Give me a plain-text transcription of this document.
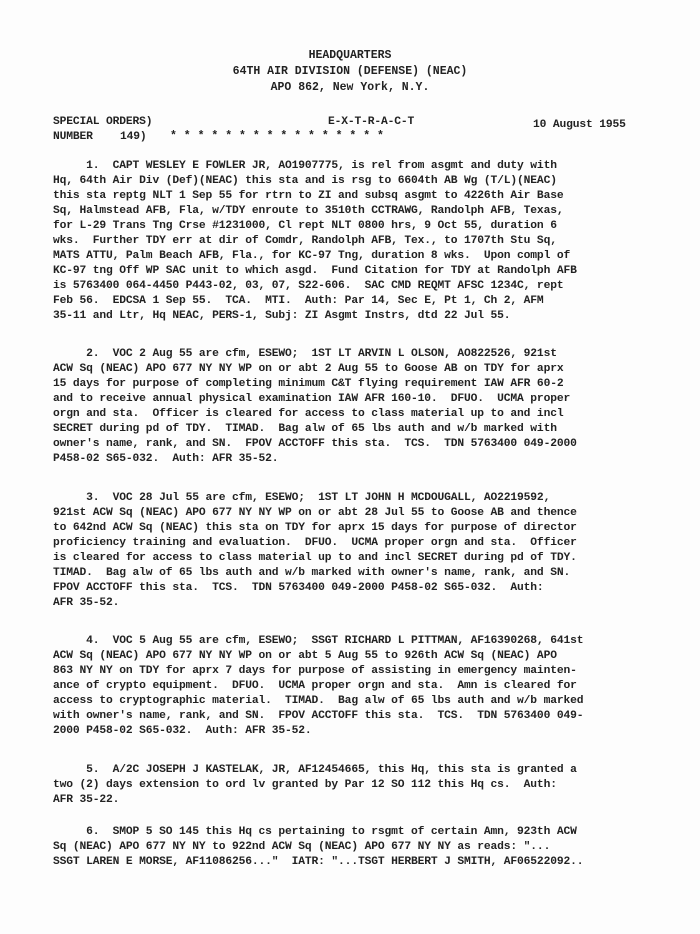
HEADQUARTERS
64TH AIR DIVISION (DEFENSE) (NEAC)
APO 862, New York, N.Y.
SPECIAL ORDERS)	E-X-T-R-A-C-T	10 August 1955
NUMBER 149) * * * * * * * * * * * * * * * *
1.  CAPT WESLEY E FOWLER JR, AO1907775, is rel from asgmt and duty with
Hq, 64th Air Div (Def)(NEAC) this sta and is rsg to 6604th AB Wg (T/L)(NEAC)
this sta reptg NLT 1 Sep 55 for rtrn to ZI and subsq asgmt to 4226th Air Base
Sq, Halmstead AFB, Fla, w/TDY enroute to 3510th CCTRAWG, Randolph AFB, Texas,
for L-29 Trans Tng Crse #1231000, Cl rept NLT 0800 hrs, 9 Oct 55, duration 6
wks.  Further TDY err at dir of Comdr, Randolph AFB, Tex., to 1707th Stu Sq,
MATS ATTU, Palm Beach AFB, Fla., for KC-97 Tng, duration 8 wks.  Upon compl of
KC-97 tng Off WP SAC unit to which asgd.  Fund Citation for TDY at Randolph AFB
is 5763400 064-4450 P443-02, 03, 07, S22-606.  SAC CMD REQMT AFSC 1234C, rept
Feb 56.  EDCSA 1 Sep 55.  TCA.  MTI.  Auth: Par 14, Sec E, Pt 1, Ch 2, AFM
35-11 and Ltr, Hq NEAC, PERS-1, Subj: ZI Asgmt Instrs, dtd 22 Jul 55.
2.  VOC 2 Aug 55 are cfm, ESEWO;  1ST LT ARVIN L OLSON, AO822526, 921st
ACW Sq (NEAC) APO 677 NY NY WP on or abt 2 Aug 55 to Goose AB on TDY for aprx
15 days for purpose of completing minimum C&T flying requirement IAW AFR 60-2
and to receive annual physical examination IAW AFR 160-10.  DFUO.  UCMA proper
orgn and sta.  Officer is cleared for access to class material up to and incl
SECRET during pd of TDY.  TIMAD.  Bag alw of 65 lbs auth and w/b marked with
owner's name, rank, and SN.  FPOV ACCTOFF this sta.  TCS.  TDN 5763400 049-2000
P458-02 S65-032.  Auth: AFR 35-52.
3.  VOC 28 Jul 55 are cfm, ESEWO;  1ST LT JOHN H MCDOUGALL, AO2219592,
921st ACW Sq (NEAC) APO 677 NY NY WP on or abt 28 Jul 55 to Goose AB and thence
to 642nd ACW Sq (NEAC) this sta on TDY for aprx 15 days for purpose of director
proficiency training and evaluation.  DFUO.  UCMA proper orgn and sta.  Officer
is cleared for access to class material up to and incl SECRET during pd of TDY.
TIMAD.  Bag alw of 65 lbs auth and w/b marked with owner's name, rank, and SN.
FPOV ACCTOFF this sta.  TCS.  TDN 5763400 049-2000 P458-02 S65-032.  Auth:
AFR 35-52.
4.  VOC 5 Aug 55 are cfm, ESEWO;  SSGT RICHARD L PITTMAN, AF16390268, 641st
ACW Sq (NEAC) APO 677 NY NY WP on or abt 5 Aug 55 to 926th ACW Sq (NEAC) APO
863 NY NY on TDY for aprx 7 days for purpose of assisting in emergency mainten-
ance of crypto equipment.  DFUO.  UCMA proper orgn and sta.  Amn is cleared for
access to cryptographic material.  TIMAD.  Bag alw of 65 lbs auth and w/b marked
with owner's name, rank, and SN.  FPOV ACCTOFF this sta.  TCS.  TDN 5763400 049-
2000 P458-02 S65-032.  Auth: AFR 35-52.
5.  A/2C JOSEPH J KASTELAK, JR, AF12454665, this Hq, this sta is granted a
two (2) days extension to ord lv granted by Par 12 SO 112 this Hq cs.  Auth:
AFR 35-22.
6.  SMOP 5 SO 145 this Hq cs pertaining to rsgmt of certain Amn, 923th ACW
Sq (NEAC) APO 677 NY NY to 922nd ACW Sq (NEAC) APO 677 NY NY as reads: "...
SSGT LAREN E MORSE, AF11086256..."  IATR: "...TSGT HERBERT J SMITH, AF06522092..
